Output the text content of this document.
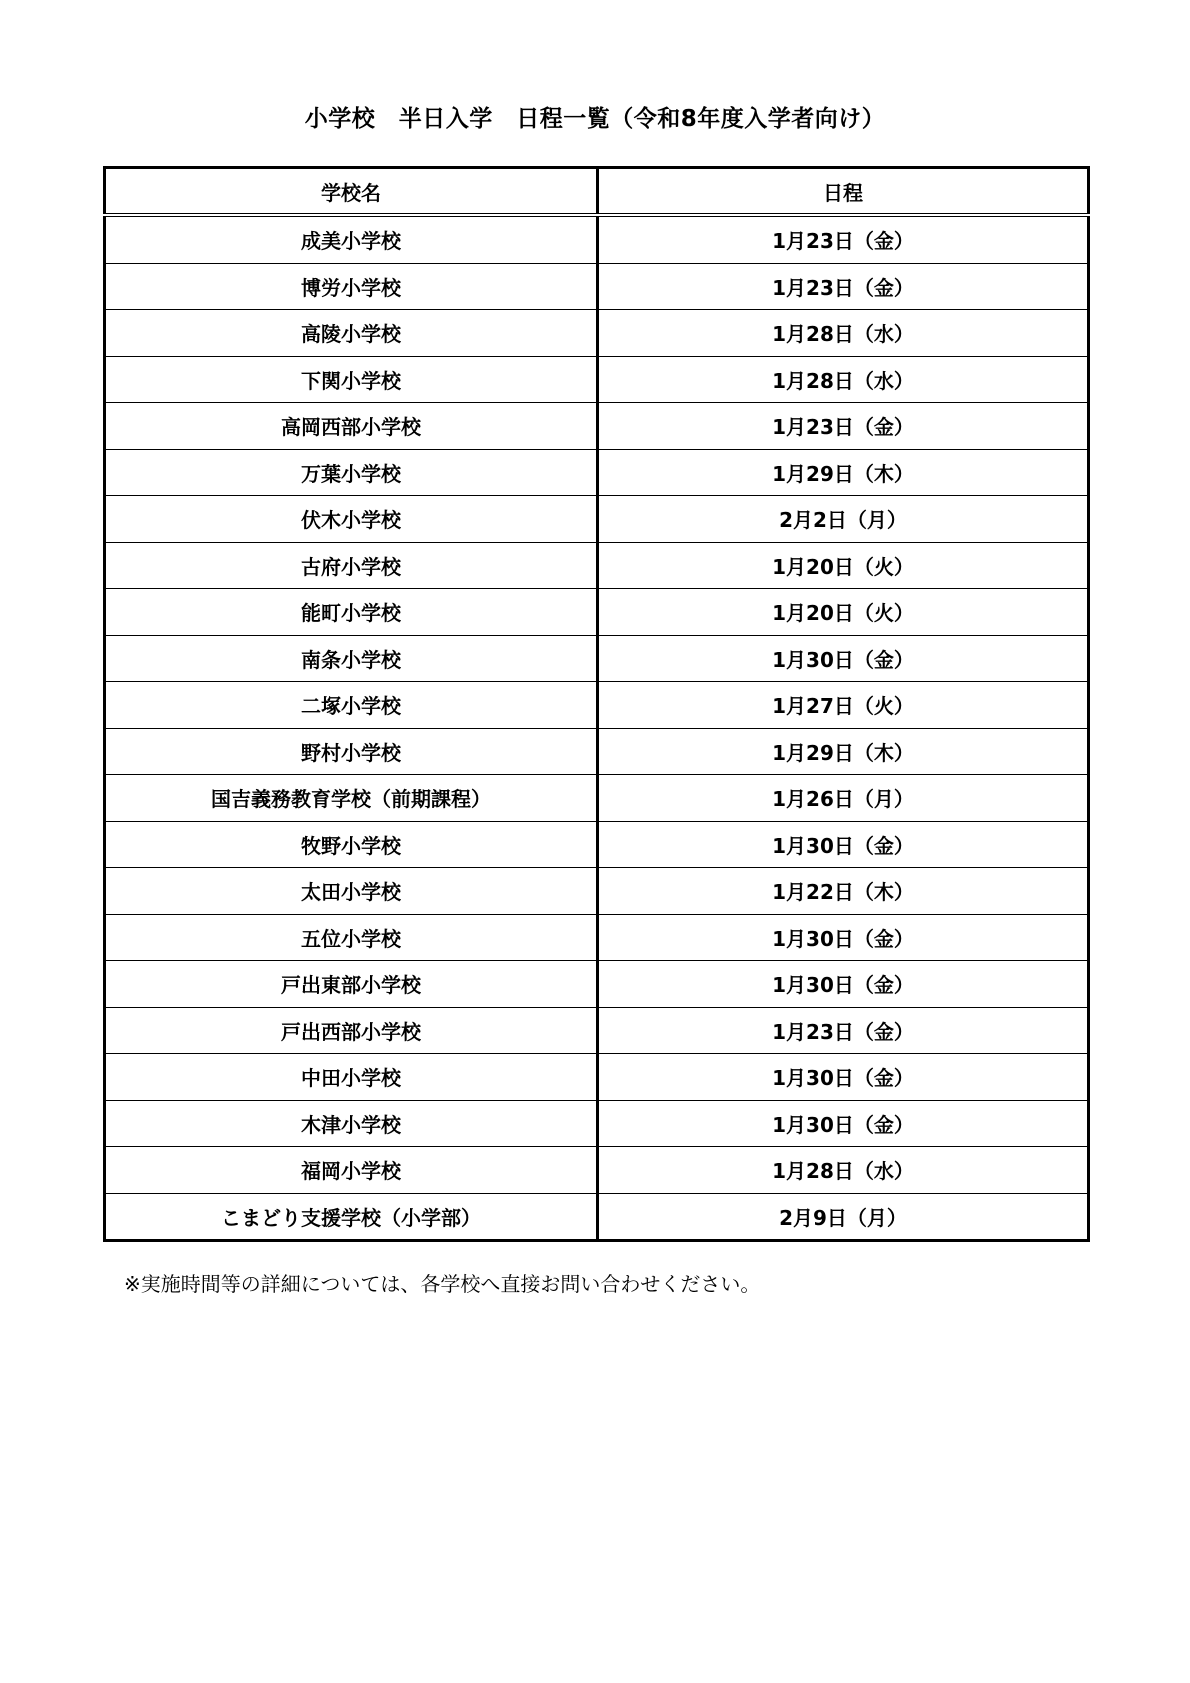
小学校　半日入学　日程一覧（令和8年度入学者向け）
学校名	日程
成美小学校	1月23日（金）
博労小学校	1月23日（金）
高陵小学校	1月28日（水）
下関小学校	1月28日（水）
高岡西部小学校	1月23日（金）
万葉小学校	1月29日（木）
伏木小学校	2月2日（月）
古府小学校	1月20日（火）
能町小学校	1月20日（火）
南条小学校	1月30日（金）
二塚小学校	1月27日（火）
野村小学校	1月29日（木）
国吉義務教育学校（前期課程）	1月26日（月）
牧野小学校	1月30日（金）
太田小学校	1月22日（木）
五位小学校	1月30日（金）
戸出東部小学校	1月30日（金）
戸出西部小学校	1月23日（金）
中田小学校	1月30日（金）
木津小学校	1月30日（金）
福岡小学校	1月28日（水）
こまどり支援学校（小学部）	2月9日（月）
※実施時間等の詳細については、各学校へ直接お問い合わせください。
